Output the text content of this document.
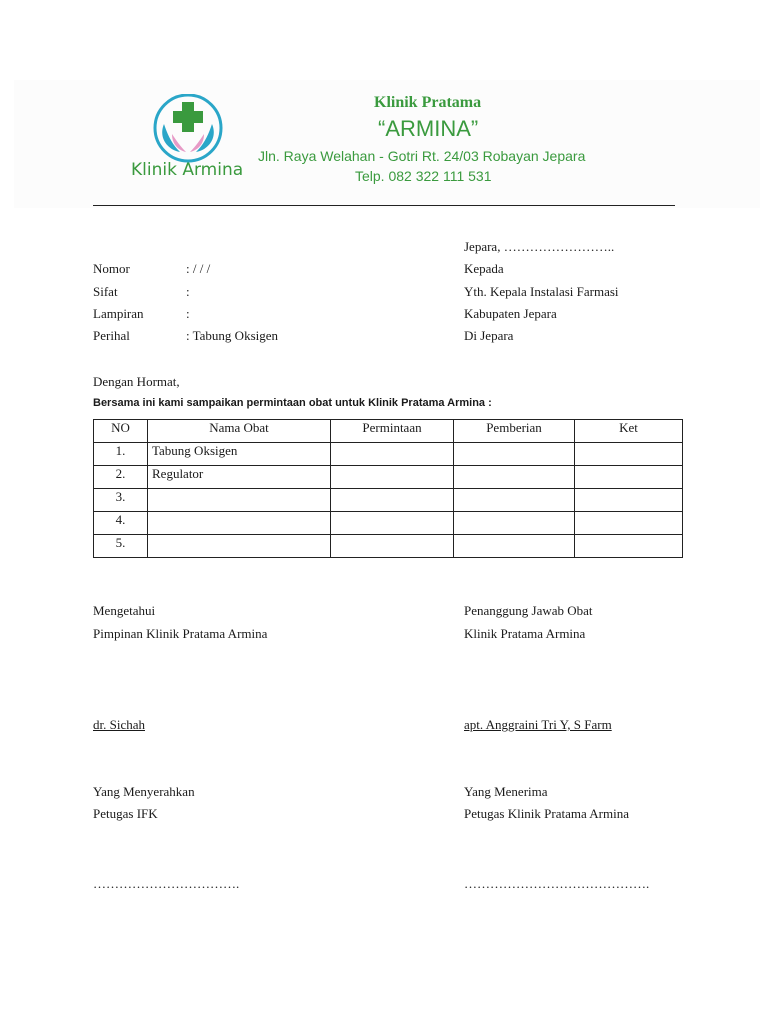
Klinik Armina
Klinik Pratama
“ARMINA”
Jln. Raya Welahan - Gotri Rt. 24/03 Robayan Jepara
Telp. 082 322 111 531
Jepara, ……………………..
Nomor	: / / /
Sifat	:
Lampiran	:
Perihal	: Tabung Oksigen
Kepada
Yth. Kepala Instalasi Farmasi
Kabupaten Jepara
Di Jepara
Dengan Hormat,
Bersama ini kami sampaikan permintaan obat untuk Klinik Pratama Armina :
NO	Nama Obat	Permintaan	Pemberian	Ket
1.	Tabung Oksigen			
2.	Regulator			
3.				
4.				
5.				
Mengetahui
Pimpinan Klinik Pratama Armina
dr. Sichah
Penanggung Jawab Obat
Klinik Pratama Armina
apt. Anggraini Tri Y, S Farm
Yang Menyerahkan
Petugas IFK
…………………………….
Yang Menerima
Petugas Klinik Pratama Armina
…………………………………….
